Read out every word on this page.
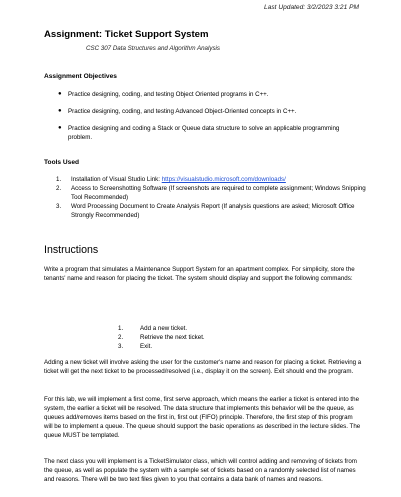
Last Updated: 3/2/2023 3:21 PM
Assignment: Ticket Support System
CSC 307 Data Structures and Algorithm Analysis
Assignment Objectives
● Practice designing, coding, and testing Object Oriented programs in C++.
● Practice designing, coding, and testing Advanced Object-Oriented concepts in C++.
● Practice designing and coding a Stack or Queue data structure to solve an applicable programming problem.
Tools Used
1. Installation of Visual Studio Link: https://visualstudio.microsoft.com/downloads/
2. Access to Screenshotting Software (If screenshots are required to complete assignment; Windows Snipping Tool Recommended)
3. Word Processing Document to Create Analysis Report (If analysis questions are asked; Microsoft Office Strongly Recommended)
Instructions

Write a program that simulates a Maintenance Support System for an apartment complex. For simplicity, store the tenants' name and reason for placing the ticket. The system should display and support the following commands:

1.	Add a new ticket.
2.	Retrieve the next ticket.
3.	Exit.

Adding a new ticket will involve asking the user for the customer's name and reason for placing a ticket. Retrieving a ticket will get the next ticket to be processed/resolved (i.e., display it on the screen). Exit should end the program.

For this lab, we will implement a first come, first serve approach, which means the earlier a ticket is entered into the system, the earlier a ticket will be resolved. The data structure that implements this behavior will be the queue, as queues add/removes items based on the first in, first out (FIFO) principle. Therefore, the first step of this program will be to implement a queue. The queue should support the basic operations as described in the lecture slides. The queue MUST be templated.

The next class you will implement is a TicketSimulator class, which will control adding and removing of tickets from the queue, as well as populate the system with a sample set of tickets based on a randomly selected list of names and reasons. There will be two text files given to you that contains a data bank of names and reasons.
